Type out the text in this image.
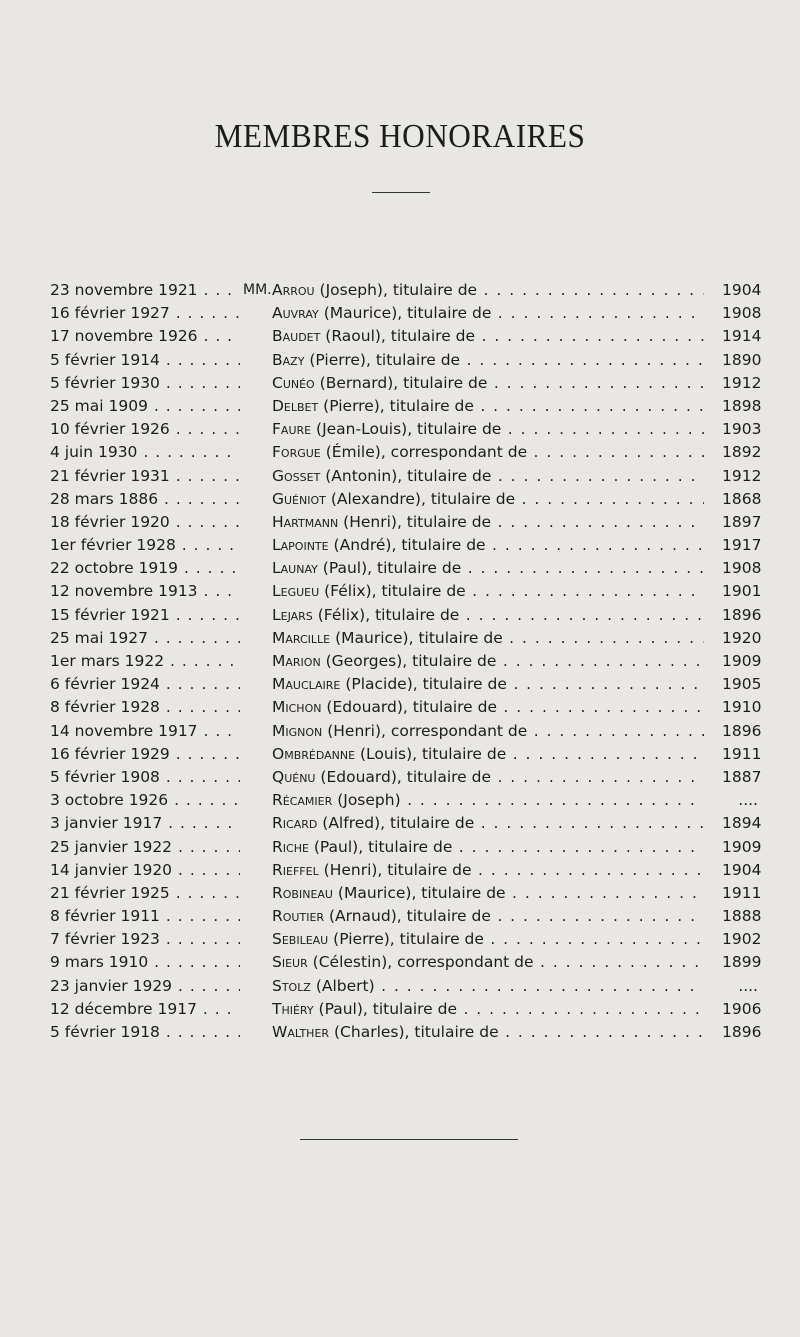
MEMBRES HONORAIRES
23 novembre 1921 . . .	MM. Arrou (Joseph), titulaire de . . .	1904
16 février 1927 . . .	Auvray (Maurice), titulaire de . . .	1908
17 novembre 1926 . . .	Baudet (Raoul), titulaire de . . .	1914
5 février 1914 . . .	Bazy (Pierre), titulaire de . . .	1890
5 février 1930 . . .	Cunéo (Bernard), titulaire de . . .	1912
25 mai 1909 . . .	Delbet (Pierre), titulaire de . . .	1898
10 février 1926 . . .	Faure (Jean-Louis), titulaire de . . .	1903
4 juin 1930 . . .	Forgue (Émile), correspondant de . . .	1892
21 février 1931 . . .	Gosset (Antonin), titulaire de . . .	1912
28 mars 1886 . . .	Guéniot (Alexandre), titulaire de . . .	1868
18 février 1920 . . .	Hartmann (Henri), titulaire de . . .	1897
1er février 1928 . . .	Lapointe (André), titulaire de . . .	1917
22 octobre 1919 . . .	Launay (Paul), titulaire de . . .	1908
12 novembre 1913 . . .	Legueu (Félix), titulaire de . . .	1901
15 février 1921 . . .	Lejars (Félix), titulaire de . . .	1896
25 mai 1927 . . .	Marcille (Maurice), titulaire de . . .	1920
1er mars 1922 . . .	Marion (Georges), titulaire de . . .	1909
6 février 1924 . . .	Mauclaire (Placide), titulaire de . . .	1905
8 février 1928 . . .	Michon (Edouard), titulaire de . . .	1910
14 novembre 1917 . . .	Mignon (Henri), correspondant de . . .	1896
16 février 1929 . . .	Ombrédanne (Louis), titulaire de . . .	1911
5 février 1908 . . .	Quénu (Edouard), titulaire de . . .	1887
3 octobre 1926 . . .	Récamier (Joseph) . . .	....
3 janvier 1917 . . .	Ricard (Alfred), titulaire de . . .	1894
25 janvier 1922 . . .	Riche (Paul), titulaire de . . .	1909
14 janvier 1920 . . .	Rieffel (Henri), titulaire de . . .	1904
21 février 1925 . . .	Robineau (Maurice), titulaire de . . .	1911
8 février 1911 . . .	Routier (Arnaud), titulaire de . . .	1888
7 février 1923 . . .	Sebileau (Pierre), titulaire de . . .	1902
9 mars 1910 . . .	Sieur (Célestin), correspondant de . . .	1899
23 janvier 1929 . . .	Stolz (Albert) . . .	....
12 décembre 1917 . . .	Thiéry (Paul), titulaire de . . .	1906
5 février 1918 . . .	Walther (Charles), titulaire de . . .	1896
